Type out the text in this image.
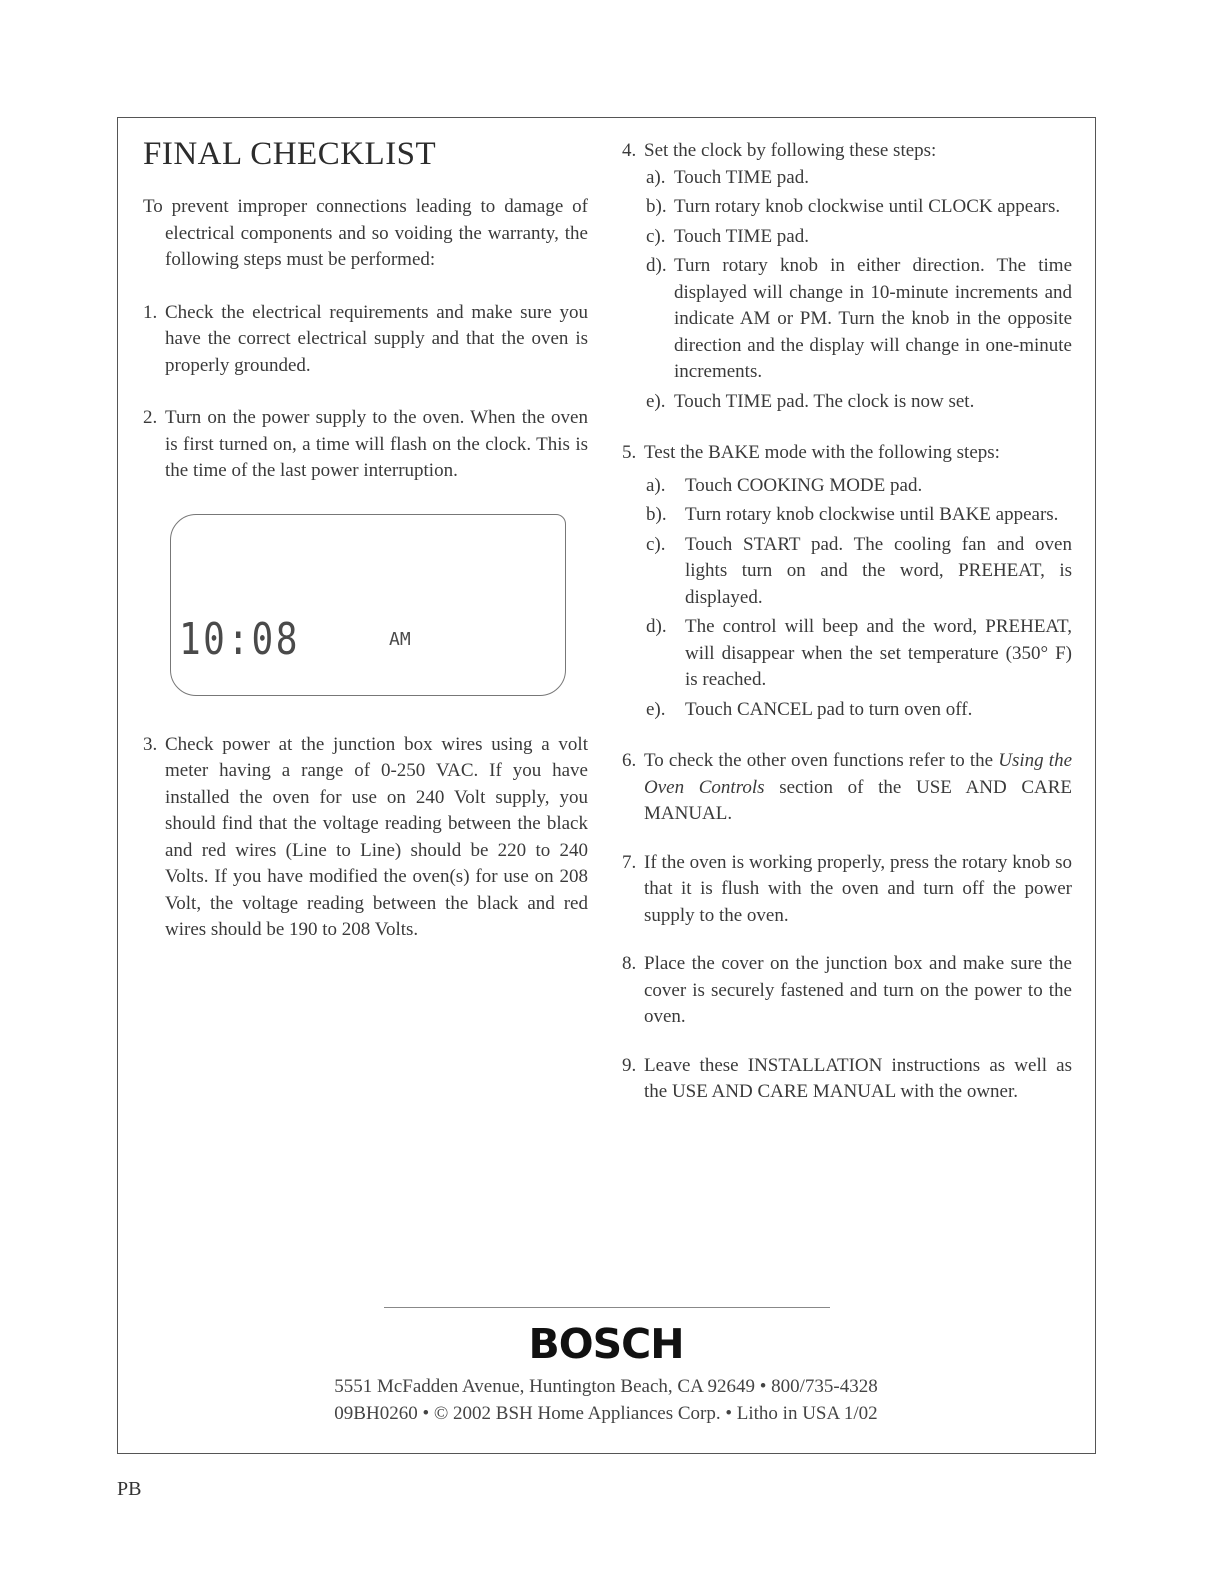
FINAL CHECKLIST

To prevent improper connections leading to damage of electrical components and so voiding the warranty, the following steps must be performed:

1. Check the electrical requirements and make sure you have the correct electrical supply and that the oven is properly grounded.

2. Turn on the power supply to the oven. When the oven is first turned on, a time will flash on the clock. This is the time of the last power interruption.

10:08	AM
3. Check power at the junction box wires using a volt meter having a range of 0-250 VAC. If you have installed the oven for use on 240 Volt supply, you should find that the voltage reading between the black and red wires (Line to Line) should be 220 to 240 Volts. If you have modified the oven(s) for use on 208 Volt, the voltage reading between the black and red wires should be 190 to 208 Volts.

4. Set the clock by following these steps:

a). Touch TIME pad.
b). Turn rotary knob clockwise until CLOCK appears.
c). Touch TIME pad.
d). Turn rotary knob in either direction. The time displayed will change in 10-minute increments and indicate AM or PM. Turn the knob in the opposite direction and the display will change in one-minute increments.
e). Touch TIME pad. The clock is now set.
5. Test the BAKE mode with the following steps:

a). Touch COOKING MODE pad.
b). Turn rotary knob clockwise until BAKE appears.
c). Touch START pad. The cooling fan and oven lights turn on and the word, PREHEAT, is displayed.
d). The control will beep and the word, PREHEAT, will disappear when the set temperature (350° F) is reached.
e). Touch CANCEL pad to turn oven off.
6. To check the other oven functions refer to the Using the Oven Controls section of the USE AND CARE MANUAL.

7. If the oven is working properly, press the rotary knob so that it is flush with the oven and turn off the power supply to the oven.

8. Place the cover on the junction box and make sure the cover is securely fastened and turn on the power to the oven.

9. Leave these INSTALLATION instructions as well as the USE AND CARE MANUAL with the owner.

BOSCH
5551 McFadden Avenue, Huntington Beach, CA 92649 • 800/735-4328
09BH0260 • © 2002 BSH Home Appliances Corp. • Litho in USA 1/02
PB
